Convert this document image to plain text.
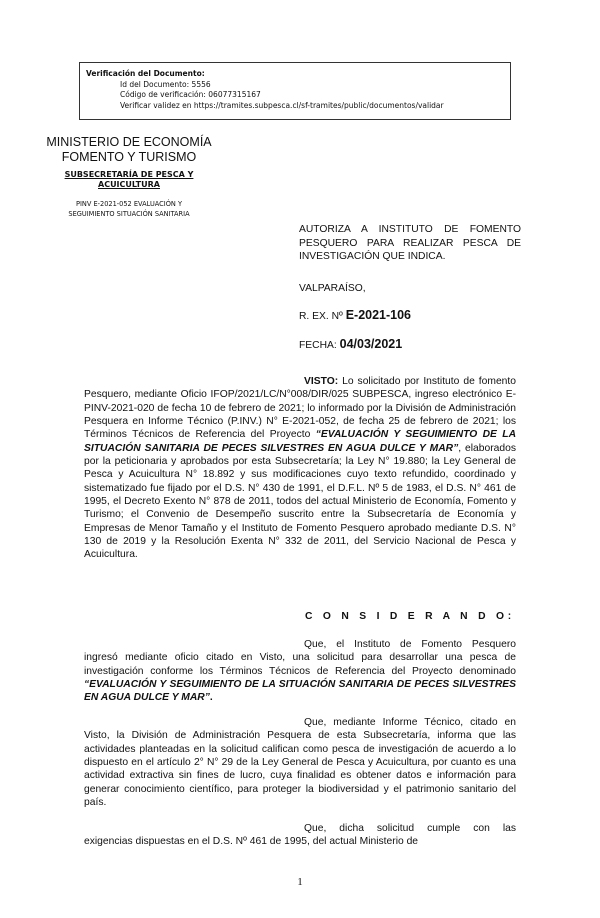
Verificación del Documento:
• Id del Documento: 5556
• Código de verificación: 06077315167
• Verificar validez en https://tramites.subpesca.cl/sf-tramites/public/documentos/validar
MINISTERIO DE ECONOMÍA
FOMENTO Y TURISMO
SUBSECRETARÍA DE PESCA Y
ACUICULTURA
PINV E-2021-052 EVALUACIÓN Y
SEGUIMIENTO SITUACIÓN SANITARIA
AUTORIZA A INSTITUTO DE FOMENTO PESQUERO PARA REALIZAR PESCA DE INVESTIGACIÓN QUE INDICA.
VALPARAÍSO,
R. EX. Nº E-2021-106
FECHA: 04/03/2021
VISTO: Lo solicitado por Instituto de fomento Pesquero, mediante Oficio IFOP/2021/LC/N°008/DIR/025 SUBPESCA, ingreso electrónico E-PINV-2021-020 de fecha 10 de febrero de 2021; lo informado por la División de Administración Pesquera en Informe Técnico (P.INV.) N° E-2021-052, de fecha 25 de febrero de 2021; los Términos Técnicos de Referencia del Proyecto “EVALUACIÓN Y SEGUIMIENTO DE LA SITUACIÓN SANITARIA DE PECES SILVESTRES EN AGUA DULCE Y MAR”, elaborados por la peticionaria y aprobados por esta Subsecretaría; la Ley N° 19.880; la Ley General de Pesca y Acuicultura N° 18.892 y sus modificaciones cuyo texto refundido, coordinado y sistematizado fue fijado por el D.S. N° 430 de 1991, el D.F.L. Nº 5 de 1983, el D.S. N° 461 de 1995, el Decreto Exento N° 878 de 2011, todos del actual Ministerio de Economía, Fomento y Turismo; el Convenio de Desempeño suscrito entre la Subsecretaría de Economía y Empresas de Menor Tamaño y el Instituto de Fomento Pesquero aprobado mediante D.S. N° 130 de 2019 y la Resolución Exenta N° 332 de 2011, del Servicio Nacional de Pesca y Acuicultura.
C O N S I D E R A N D O:
Que, el Instituto de Fomento Pesquero ingresó mediante oficio citado en Visto, una solicitud para desarrollar una pesca de investigación conforme los Términos Técnicos de Referencia del Proyecto denominado “EVALUACIÓN Y SEGUIMIENTO DE LA SITUACIÓN SANITARIA DE PECES SILVESTRES EN AGUA DULCE Y MAR”.
Que, mediante Informe Técnico, citado en Visto, la División de Administración Pesquera de esta Subsecretaría, informa que las actividades planteadas en la solicitud califican como pesca de investigación de acuerdo a lo dispuesto en el artículo 2° N° 29 de la Ley General de Pesca y Acuicultura, por cuanto es una actividad extractiva sin fines de lucro, cuya finalidad es obtener datos e información para generar conocimiento científico, para proteger la biodiversidad y el patrimonio sanitario del país.
Que, dicha solicitud cumple con las exigencias dispuestas en el D.S. Nº 461 de 1995, del actual Ministerio de
1
